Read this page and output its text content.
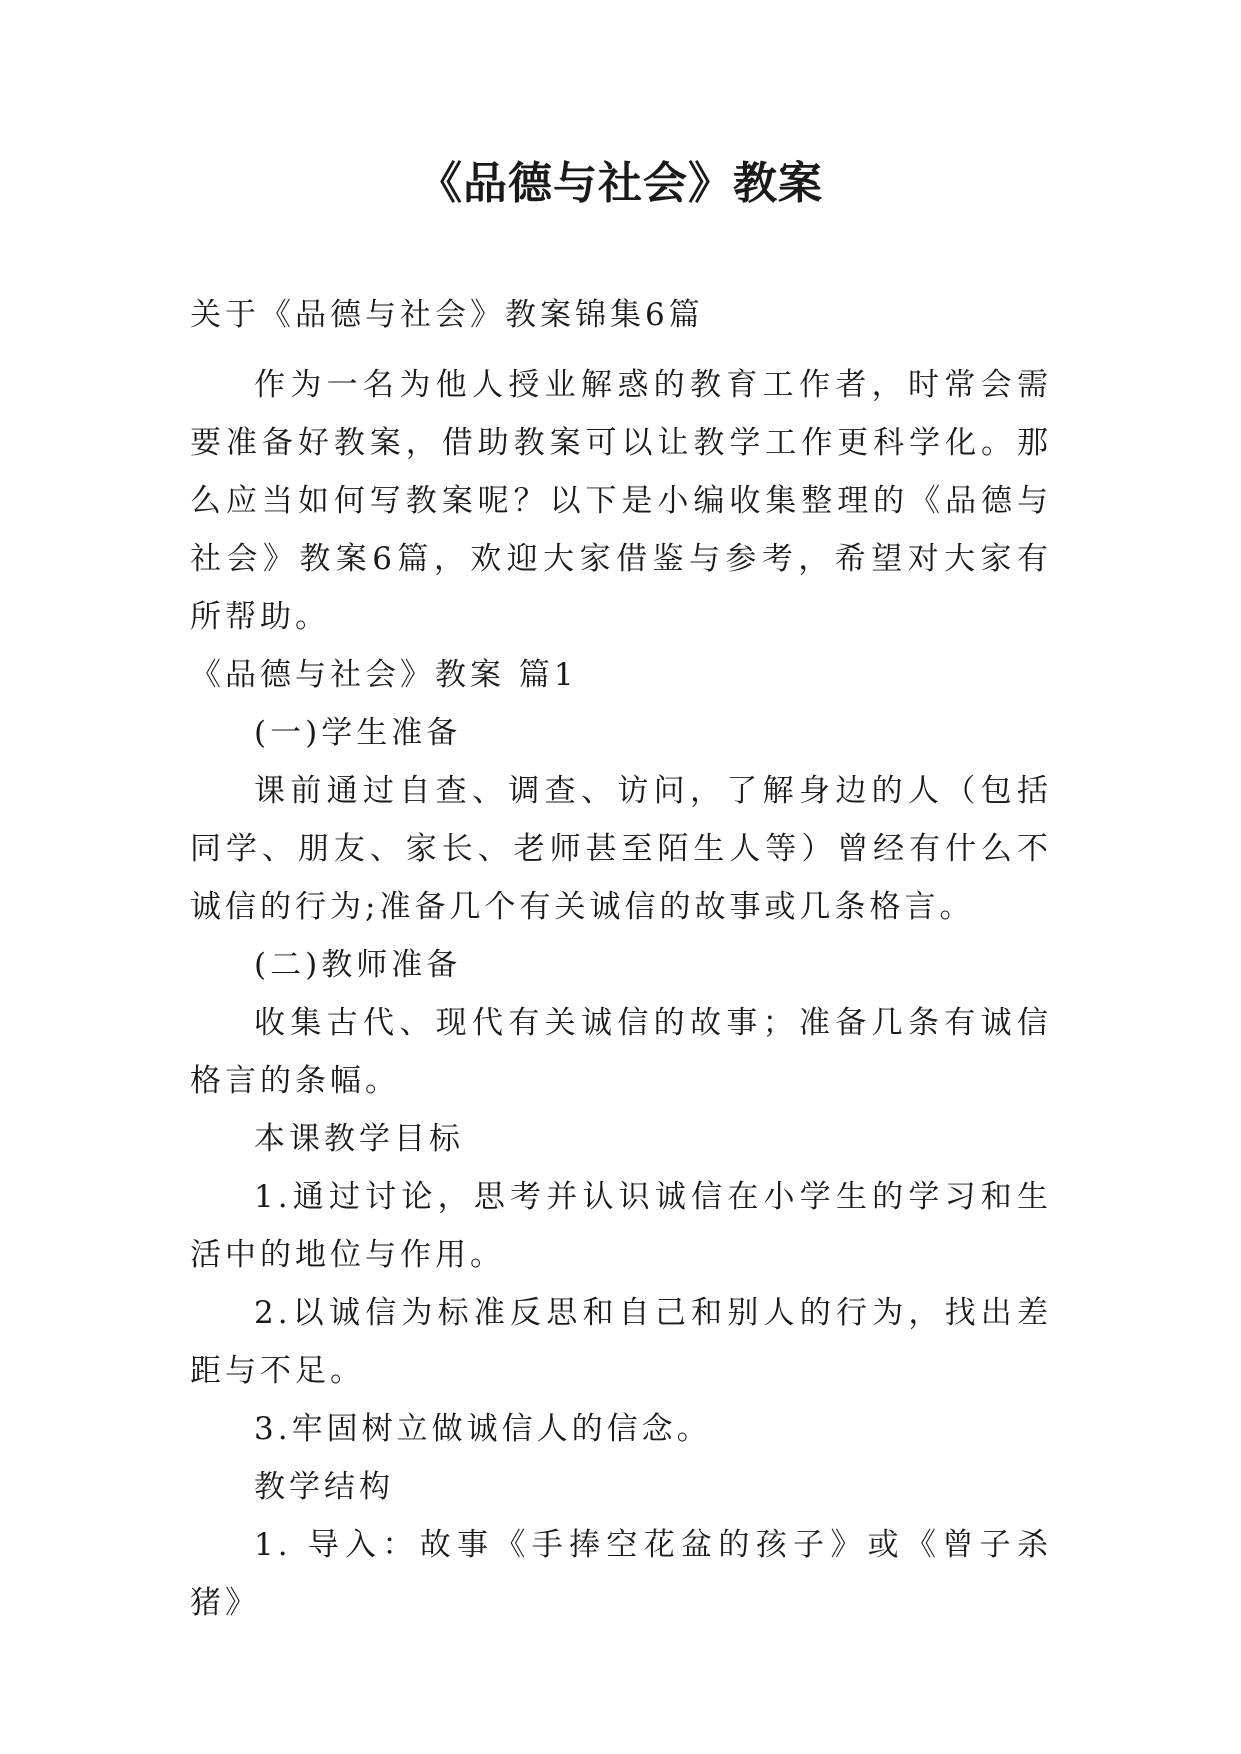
《品德与社会》教案
关于《品德与社会》教案锦集6篇

作为一名为他人授业解惑的教育工作者，时常会需要准备好教案，借助教案可以让教学工作更科学化。那么应当如何写教案呢？以下是小编收集整理的《品德与社会》教案6篇，欢迎大家借鉴与参考，希望对大家有所帮助。

《品德与社会》教案 篇1

(一)学生准备

课前通过自查、调查、访问，了解身边的人（包括同学、朋友、家长、老师甚至陌生人等）曾经有什么不诚信的行为;准备几个有关诚信的故事或几条格言。

(二)教师准备

收集古代、现代有关诚信的故事；准备几条有诚信格言的条幅。

本课教学目标

1.通过讨论，思考并认识诚信在小学生的学习和生活中的地位与作用。

2.以诚信为标准反思和自己和别人的行为，找出差距与不足。

3.牢固树立做诚信人的信念。

教学结构

1. 导入：故事《手捧空花盆的孩子》或《曾子杀猪》
